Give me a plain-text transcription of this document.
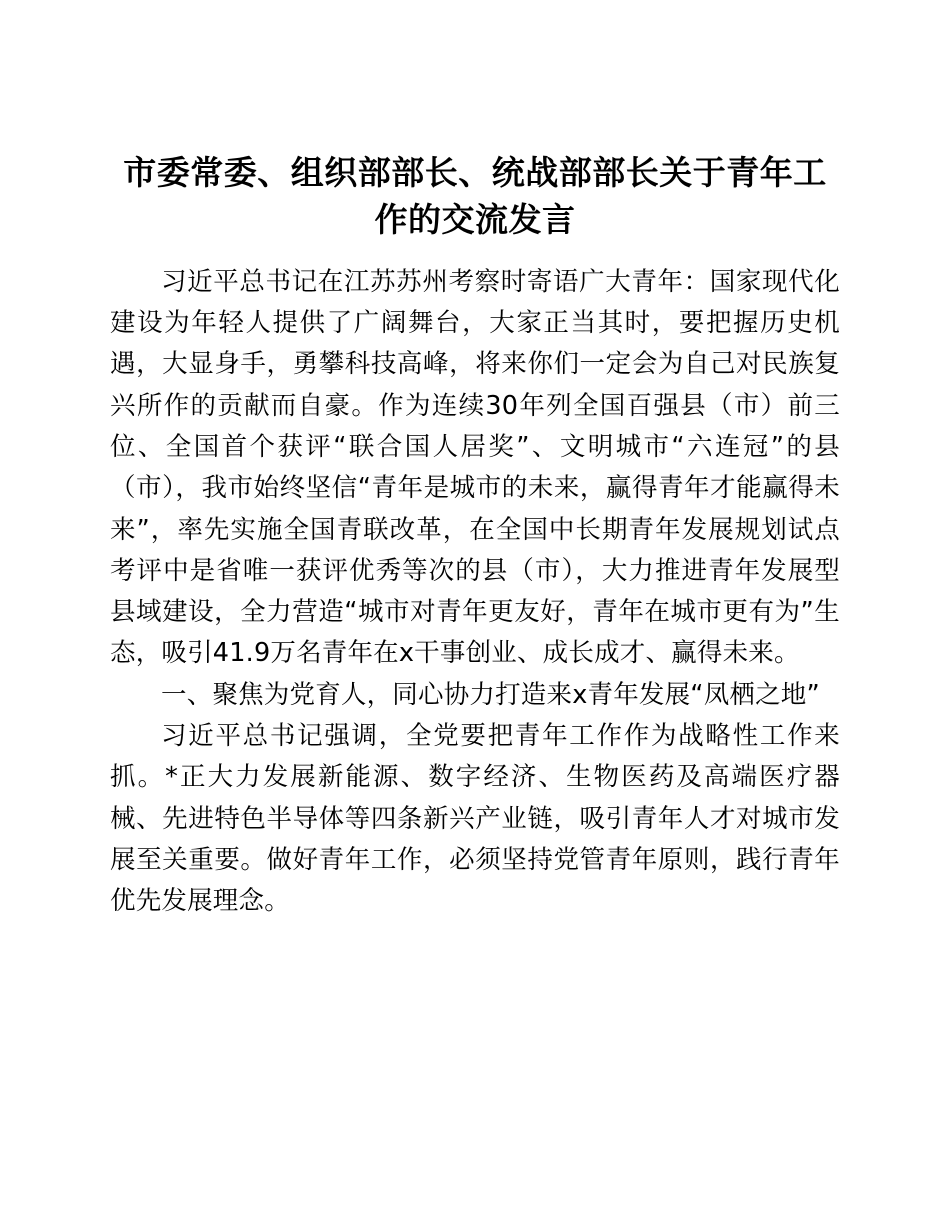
市委常委、组织部部长、统战部部长关于青年工作的交流发言

习近平总书记在江苏苏州考察时寄语广大青年：国家现代化建设为年轻人提供了广阔舞台，大家正当其时，要把握历史机遇，大显身手，勇攀科技高峰，将来你们一定会为自己对民族复兴所作的贡献而自豪。作为连续30年列全国百强县（市）前三位、全国首个获评“联合国人居奖”、文明城市“六连冠”的县（市），我市始终坚信“青年是城市的未来，赢得青年才能赢得未来”，率先实施全国青联改革，在全国中长期青年发展规划试点考评中是省唯一获评优秀等次的县（市），大力推进青年发展型县域建设，全力营造“城市对青年更友好，青年在城市更有为”生态，吸引41.9万名青年在x干事创业、成长成才、赢得未来。

一、聚焦为党育人，同心协力打造来x青年发展“凤栖之地”

习近平总书记强调，全党要把青年工作作为战略性工作来抓。*正大力发展新能源、数字经济、生物医药及高端医疗器械、先进特色半导体等四条新兴产业链，吸引青年人才对城市发展至关重要。做好青年工作，必须坚持党管青年原则，践行青年优先发展理念。
